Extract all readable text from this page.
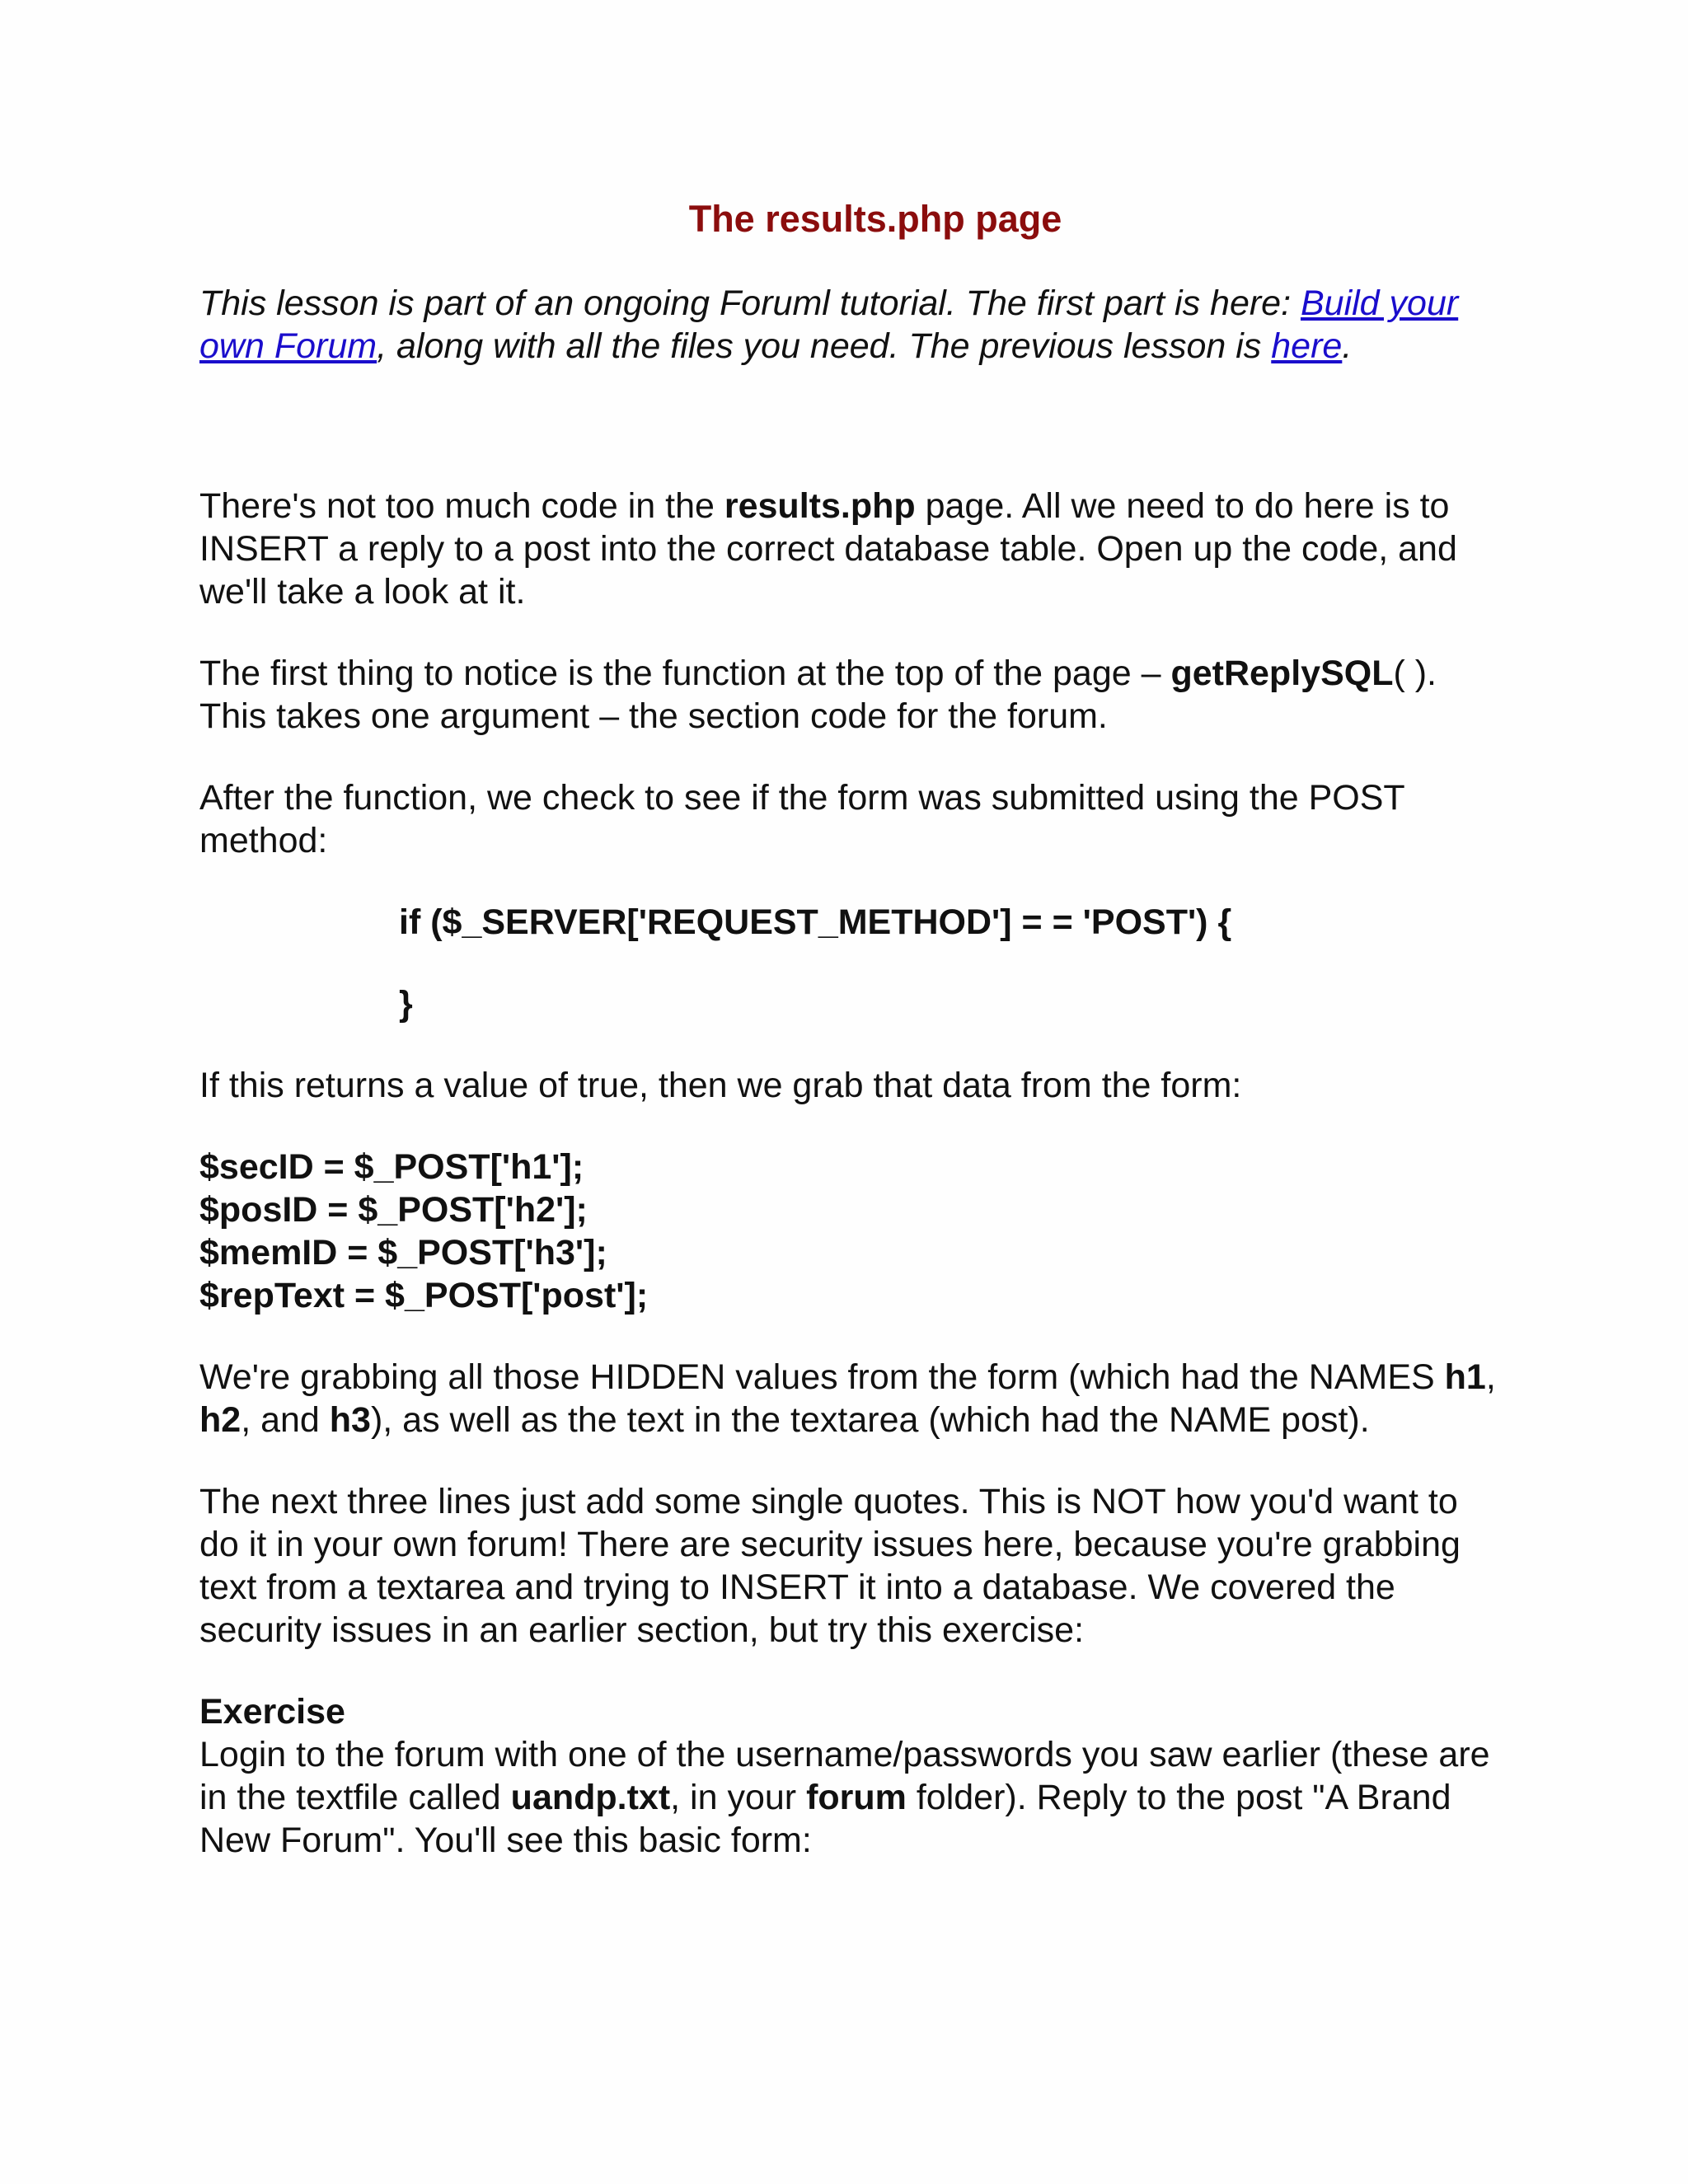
The results.php page

This lesson is part of an ongoing Foruml tutorial. The first part is here: Build your own Forum, along with all the files you need. The previous lesson is here.

There's not too much code in the results.php page. All we need to do here is to INSERT a reply to a post into the correct database table. Open up the code, and we'll take a look at it.

The first thing to notice is the function at the top of the page – getReplySQL( ). This takes one argument – the section code for the forum.

After the function, we check to see if the form was submitted using the POST method:

if ($_SERVER['REQUEST_METHOD'] = = 'POST') {
}

If this returns a value of true, then we grab that data from the form:

$secID = $_POST['h1'];
$posID = $_POST['h2'];
$memID = $_POST['h3'];
$repText = $_POST['post'];

We're grabbing all those HIDDEN values from the form (which had the NAMES h1, h2, and h3), as well as the text in the textarea (which had the NAME post).

The next three lines just add some single quotes. This is NOT how you'd want to do it in your own forum! There are security issues here, because you're grabbing text from a textarea and trying to INSERT it into a database. We covered the security issues in an earlier section, but try this exercise:

Exercise

Login to the forum with one of the username/passwords you saw earlier (these are in the textfile called uandp.txt, in your forum folder). Reply to the post "A Brand New Forum". You'll see this basic form:
